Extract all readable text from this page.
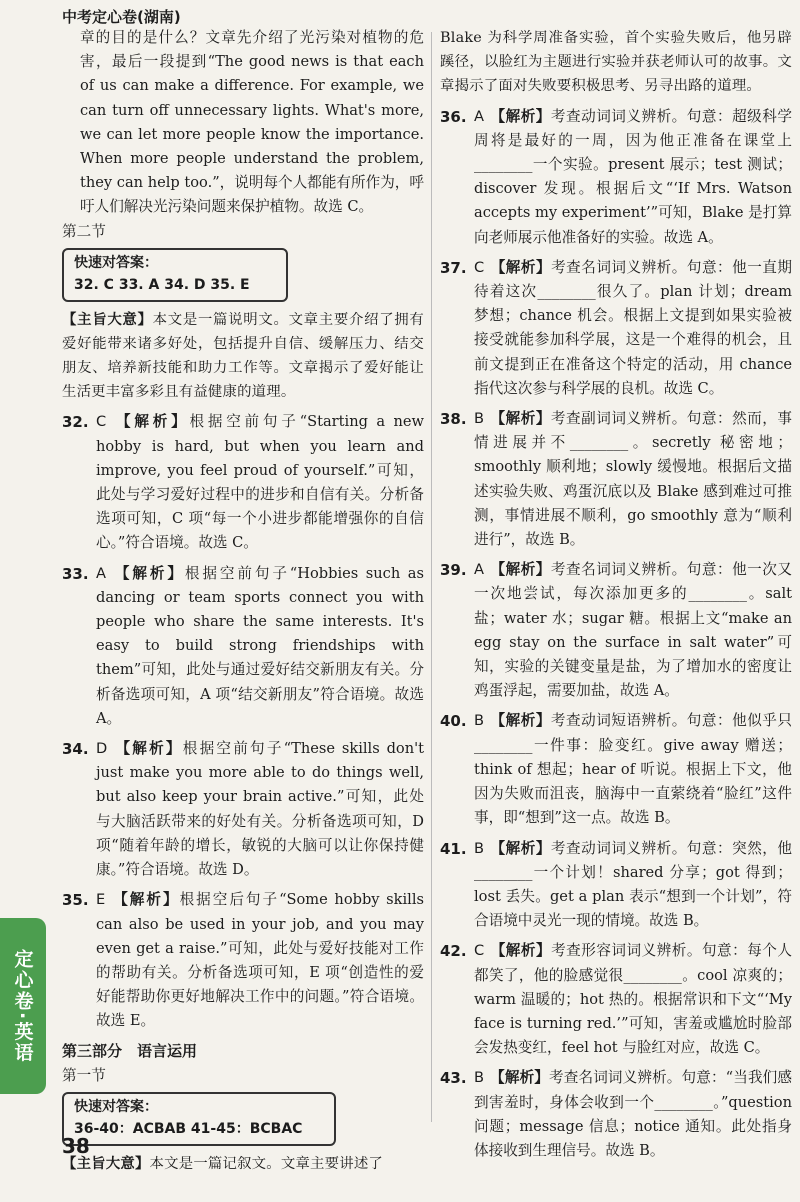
中考定心卷(湖南)

章的目的是什么？文章先介绍了光污染对植物的危害，最后一段提到“The good news is that each of us can make a difference. For example, we can turn off unnecessary lights. What's more, we can let more people know the importance. When more people understand the problem, they can help too.”，说明每个人都能有所作为，呼吁人们解决光污染问题来保护植物。故选 C。

第二节
快速对答案：
32. C 33. A 34. D 35. E

【主旨大意】本文是一篇说明文。文章主要介绍了拥有爱好能带来诸多好处，包括提升自信、缓解压力、结交朋友、培养新技能和助力工作等。文章揭示了爱好能让生活更丰富多彩且有益健康的道理。

32. C 【解析】根据空前句子“Starting a new hobby is hard, but when you learn and improve, you feel proud of yourself.”可知，此处与学习爱好过程中的进步和自信有关。分析备选项可知，C 项“每一个小进步都能增强你的自信心。”符合语境。故选 C。
33. A 【解析】根据空前句子“Hobbies such as dancing or team sports connect you with people who share the same interests. It's easy to build strong friendships with them”可知，此处与通过爱好结交新朋友有关。分析备选项可知，A 项“结交新朋友”符合语境。故选 A。
34. D 【解析】根据空前句子“These skills don't just make you more able to do things well, but also keep your brain active.”可知，此处与大脑活跃带来的好处有关。分析备选项可知，D 项“随着年龄的增长，敏锐的大脑可以让你保持健康。”符合语境。故选 D。
35. E 【解析】根据空后句子“Some hobby skills can also be used in your job, and you may even get a raise.”可知，此处与爱好技能对工作的帮助有关。分析备选项可知，E 项“创造性的爱好能帮助你更好地解决工作中的问题。”符合语境。故选 E。
第三部分　语言运用
第一节
快速对答案：
36-40：ACBAB 41-45：BCBAC

【主旨大意】本文是一篇记叙文。文章主要讲述了

Blake 为科学周准备实验，首个实验失败后，他另辟蹊径，以脸红为主题进行实验并获老师认可的故事。文章揭示了面对失败要积极思考、另寻出路的道理。

36. A 【解析】考查动词词义辨析。句意：超级科学周将是最好的一周，因为他正准备在课堂上________一个实验。present 展示；test 测试；discover 发现。根据后文“‘If Mrs. Watson accepts my experiment’”可知，Blake 是打算向老师展示他准备好的实验。故选 A。
37. C 【解析】考查名词词义辨析。句意：他一直期待着这次________很久了。plan 计划；dream 梦想；chance 机会。根据上文提到如果实验被接受就能参加科学展，这是一个难得的机会，且前文提到正在准备这个特定的活动，用 chance 指代这次参与科学展的良机。故选 C。
38. B 【解析】考查副词词义辨析。句意：然而，事情进展并不________。secretly 秘密地；smoothly 顺利地；slowly 缓慢地。根据后文描述实验失败、鸡蛋沉底以及 Blake 感到难过可推测，事情进展不顺利，go smoothly 意为“顺利进行”，故选 B。
39. A 【解析】考查名词词义辨析。句意：他一次又一次地尝试，每次添加更多的________。salt 盐；water 水；sugar 糖。根据上文“make an egg stay on the surface in salt water”可知，实验的关键变量是盐，为了增加水的密度让鸡蛋浮起，需要加盐，故选 A。
40. B 【解析】考查动词短语辨析。句意：他似乎只________一件事：脸变红。give away 赠送；think of 想起；hear of 听说。根据上下文，他因为失败而沮丧，脑海中一直萦绕着“脸红”这件事，即“想到”这一点。故选 B。
41. B 【解析】考查动词词义辨析。句意：突然，他________一个计划！shared 分享；got 得到；lost 丢失。get a plan 表示“想到一个计划”，符合语境中灵光一现的情境。故选 B。
42. C 【解析】考查形容词词义辨析。句意：每个人都笑了，他的脸感觉很________。cool 凉爽的；warm 温暖的；hot 热的。根据常识和下文“‘My face is turning red.’”可知，害羞或尴尬时脸部会发热变红，feel hot 与脸红对应，故选 C。
43. B 【解析】考查名词词义辨析。句意：“当我们感到害羞时，身体会收到一个________。”question 问题；message 信息；notice 通知。此处指身体接收到生理信号。故选 B。
定心卷·英语
38
